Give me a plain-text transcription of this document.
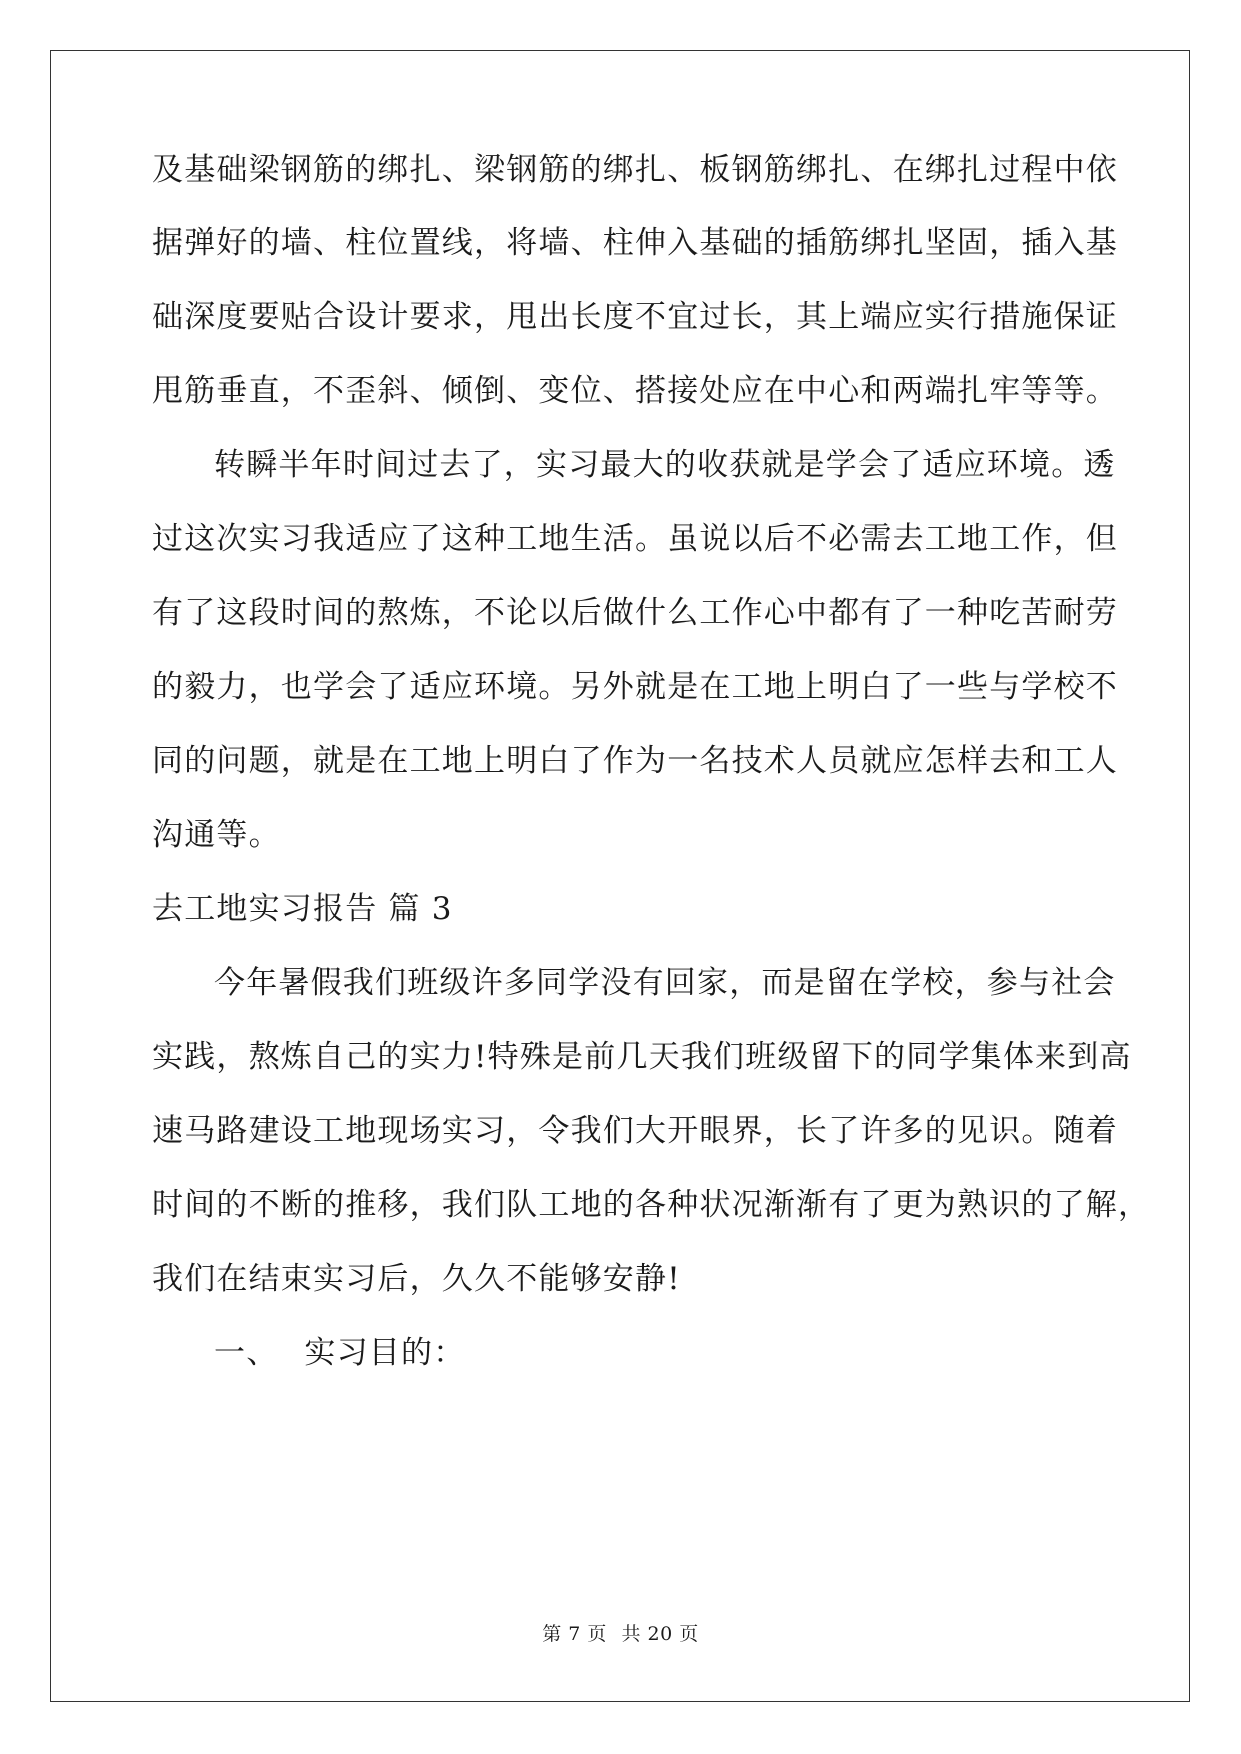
及基础梁钢筋的绑扎、梁钢筋的绑扎、板钢筋绑扎、在绑扎过程中依
据弹好的墙、柱位置线，将墙、柱伸入基础的插筋绑扎坚固，插入基
础深度要贴合设计要求，甩出长度不宜过长，其上端应实行措施保证
甩筋垂直，不歪斜、倾倒、变位、搭接处应在中心和两端扎牢等等。
转瞬半年时间过去了，实习最大的收获就是学会了适应环境。透
过这次实习我适应了这种工地生活。虽说以后不必需去工地工作，但
有了这段时间的熬炼，不论以后做什么工作心中都有了一种吃苦耐劳
的毅力，也学会了适应环境。另外就是在工地上明白了一些与学校不
同的问题，就是在工地上明白了作为一名技术人员就应怎样去和工人
沟通等。
去工地实习报告 篇 3
今年暑假我们班级许多同学没有回家，而是留在学校，参与社会
实践，熬炼自己的实力!特殊是前几天我们班级留下的同学集体来到高
速马路建设工地现场实习，令我们大开眼界，长了许多的见识。随着
时间的不断的推移，我们队工地的各种状况渐渐有了更为熟识的了解，
我们在结束实习后，久久不能够安静!
一、 实习目的：
第 7 页 共 20 页
